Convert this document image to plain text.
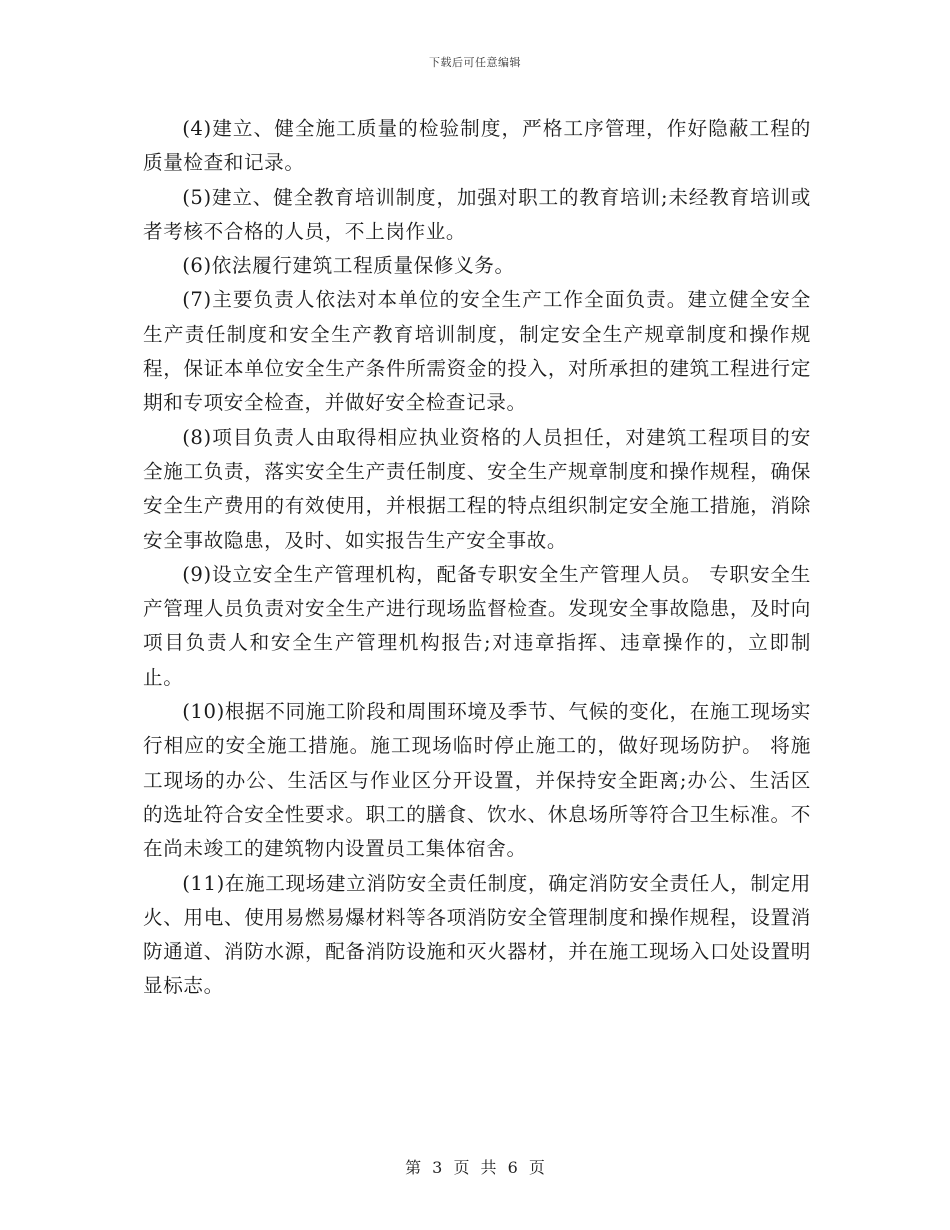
下载后可任意编辑

(4)建立、健全施工质量的检验制度，严格工序管理，作好隐蔽工程的质量检查和记录。

(5)建立、健全教育培训制度，加强对职工的教育培训;未经教育培训或者考核不合格的人员，不上岗作业。

(6)依法履行建筑工程质量保修义务。

(7)主要负责人依法对本单位的安全生产工作全面负责。建立健全安全生产责任制度和安全生产教育培训制度，制定安全生产规章制度和操作规程，保证本单位安全生产条件所需资金的投入，对所承担的建筑工程进行定期和专项安全检查，并做好安全检查记录。

(8)项目负责人由取得相应执业资格的人员担任，对建筑工程项目的安全施工负责，落实安全生产责任制度、安全生产规章制度和操作规程，确保安全生产费用的有效使用，并根据工程的特点组织制定安全施工措施，消除安全事故隐患，及时、如实报告生产安全事故。

(9)设立安全生产管理机构，配备专职安全生产管理人员。 专职安全生产管理人员负责对安全生产进行现场监督检查。发现安全事故隐患，及时向项目负责人和安全生产管理机构报告;对违章指挥、违章操作的，立即制止。

(10)根据不同施工阶段和周围环境及季节、气候的变化，在施工现场实行相应的安全施工措施。施工现场临时停止施工的，做好现场防护。 将施工现场的办公、生活区与作业区分开设置，并保持安全距离;办公、生活区的选址符合安全性要求。职工的膳食、饮水、休息场所等符合卫生标准。不在尚未竣工的建筑物内设置员工集体宿舍。

(11)在施工现场建立消防安全责任制度，确定消防安全责任人，制定用火、用电、使用易燃易爆材料等各项消防安全管理制度和操作规程，设置消防通道、消防水源，配备消防设施和灭火器材，并在施工现场入口处设置明显标志。

第 3 页 共 6 页
